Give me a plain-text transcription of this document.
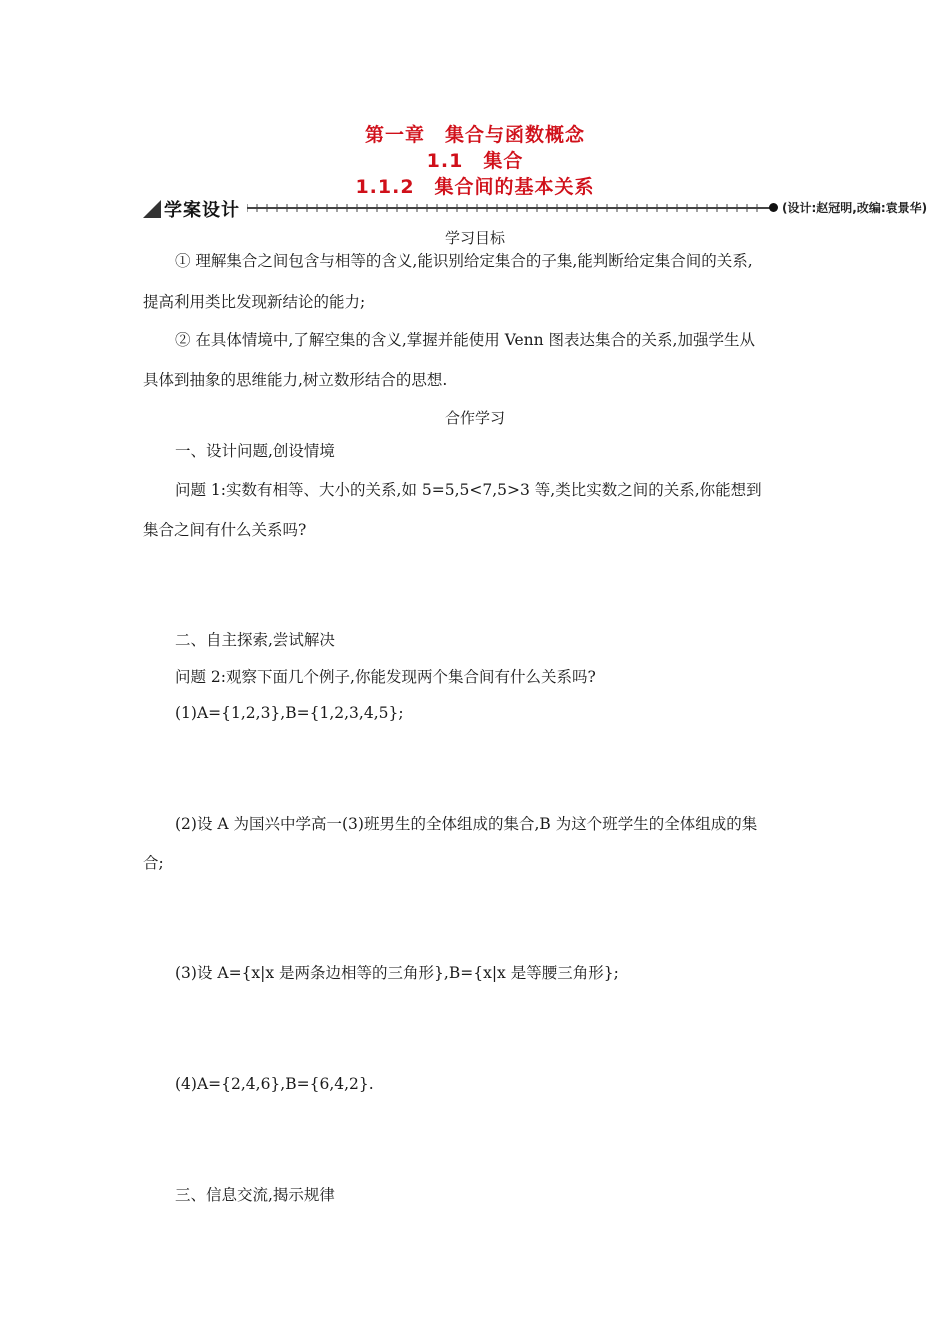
第一章　集合与函数概念
1.1　集合
1.1.2　集合间的基本关系
学案设计	(设计:赵冠明,改编:袁景华)
学习目标
① 理解集合之间包含与相等的含义,能识别给定集合的子集,能判断给定集合间的关系,
提高利用类比发现新结论的能力;
② 在具体情境中,了解空集的含义,掌握并能使用 Venn 图表达集合的关系,加强学生从
具体到抽象的思维能力,树立数形结合的思想.
合作学习
一、设计问题,创设情境
问题 1:实数有相等、大小的关系,如 5=5,5<7,5>3 等,类比实数之间的关系,你能想到
集合之间有什么关系吗?
二、自主探索,尝试解决
问题 2:观察下面几个例子,你能发现两个集合间有什么关系吗?
(1)A={1,2,3},B={1,2,3,4,5};
(2)设 A 为国兴中学高一(3)班男生的全体组成的集合,B 为这个班学生的全体组成的集
合;
(3)设 A={x|x 是两条边相等的三角形},B={x|x 是等腰三角形};
(4)A={2,4,6},B={6,4,2}.
三、信息交流,揭示规律
